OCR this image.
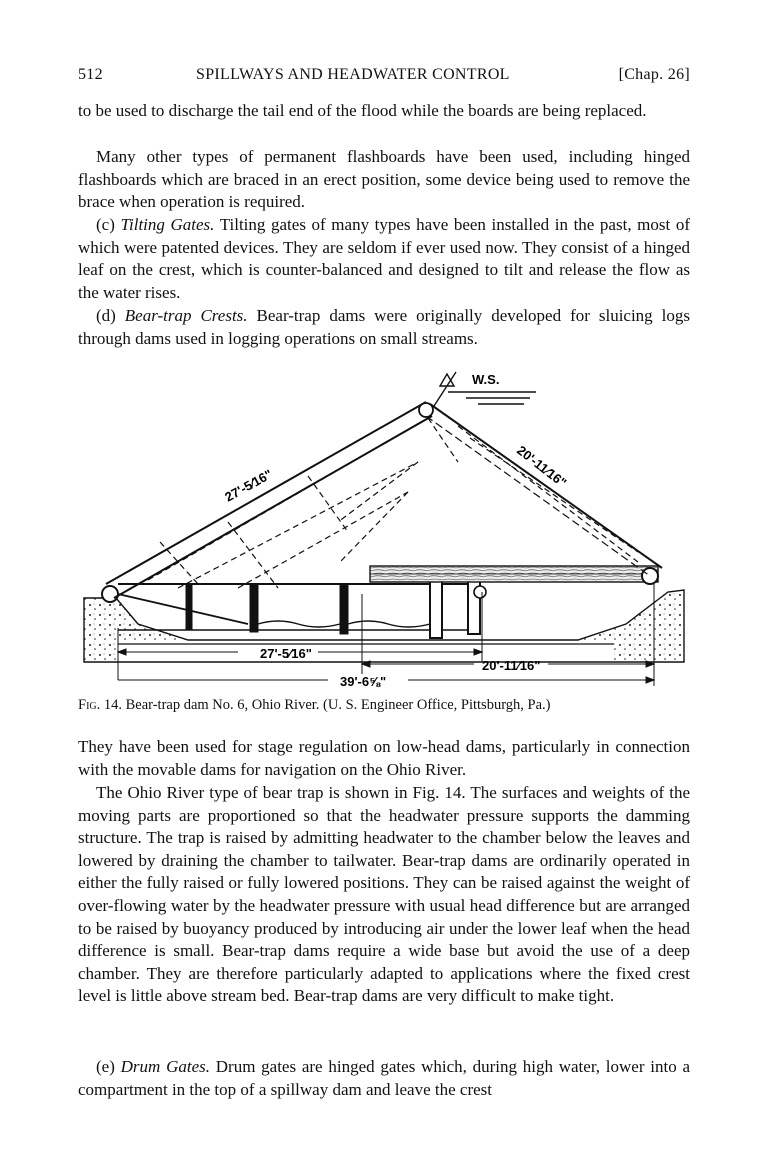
512	SPILLWAYS AND HEADWATER CONTROL	[Chap. 26]

to be used to discharge the tail end of the flood while the boards are being replaced.

Many other types of permanent flashboards have been used, including hinged flashboards which are braced in an erect position, some device being used to remove the brace when operation is required.

(c) Tilting Gates. Tilting gates of many types have been installed in the past, most of which were patented devices. They are seldom if ever used now. They consist of a hinged leaf on the crest, which is counter-balanced and designed to tilt and release the flow as the water rises.

(d) Bear-trap Crests. Bear-trap dams were originally developed for sluicing logs through dams used in logging operations on small streams.

W.S.
27'-5⁄16"
20'-11⁄16"
39'-6⅝"
27'-5⁄16"	20'-11⁄16"
Fig. 14. Bear-trap dam No. 6, Ohio River. (U. S. Engineer Office, Pittsburgh, Pa.)

They have been used for stage regulation on low-head dams, particularly in connection with the movable dams for navigation on the Ohio River.

The Ohio River type of bear trap is shown in Fig. 14. The surfaces and weights of the moving parts are proportioned so that the headwater pressure supports the damming structure. The trap is raised by admitting headwater to the chamber below the leaves and lowered by draining the chamber to tailwater. Bear-trap dams are ordinarily operated in either the fully raised or fully lowered positions. They can be raised against the weight of over-flowing water by the headwater pressure with usual head difference but are arranged to be raised by buoyancy produced by introducing air under the lower leaf when the head difference is small. Bear-trap dams require a wide base but avoid the use of a deep chamber. They are therefore particularly adapted to applications where the fixed crest level is little above stream bed. Bear-trap dams are very difficult to make tight.

(e) Drum Gates. Drum gates are hinged gates which, during high water, lower into a compartment in the top of a spillway dam and leave the crest
